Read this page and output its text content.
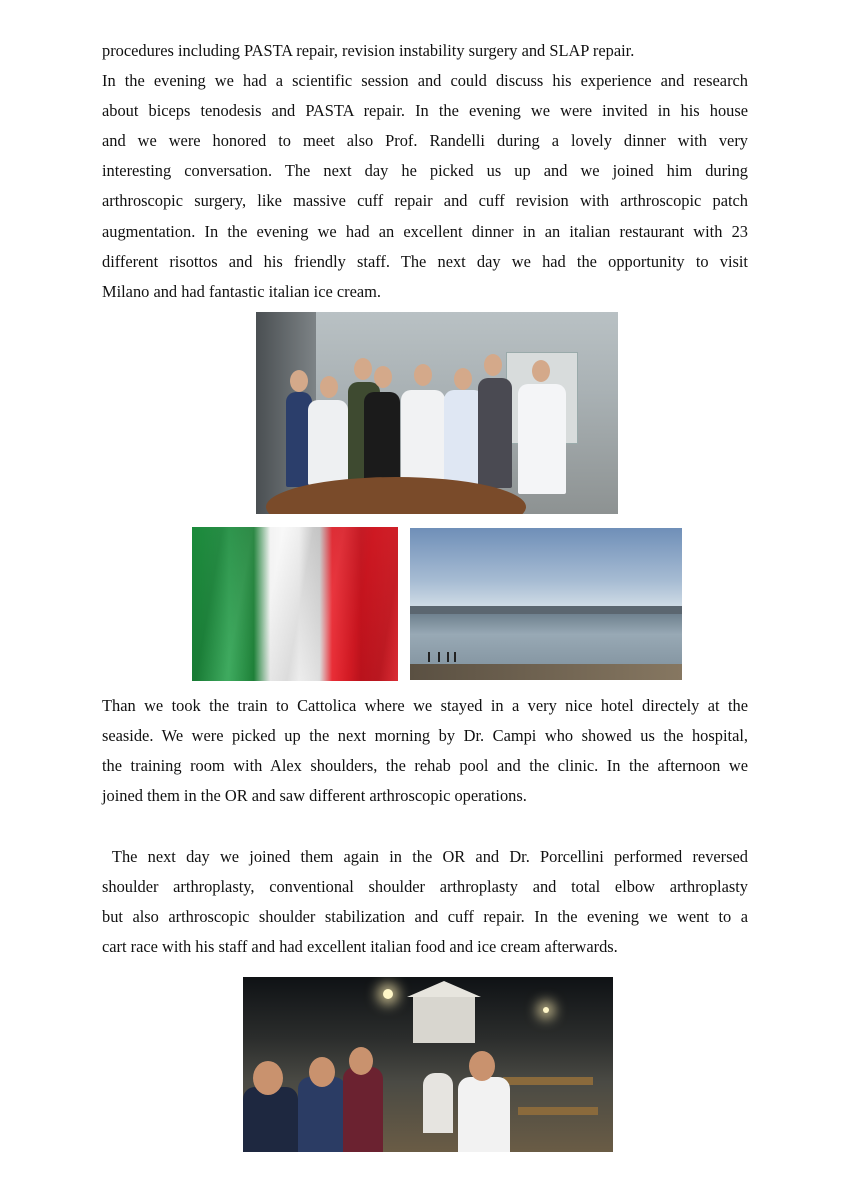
procedures including PASTA repair, revision instability surgery and SLAP repair.
In the evening we had a scientific session and could discuss his experience and research
about biceps tenodesis and PASTA repair. In the evening we were invited in his house
and we were honored to meet also Prof. Randelli during a lovely dinner with very
interesting conversation. The next day he picked us up and we joined him during
arthroscopic surgery, like massive cuff repair and cuff revision with arthroscopic patch
augmentation. In the evening we had an excellent dinner in an italian restaurant with 23
different risottos and his friendly staff. The next day we had the opportunity to visit
Milano and had fantastic italian ice cream.
Than we took the train to Cattolica where we stayed in a very nice hotel directely at the
seaside. We were picked up the next morning by Dr. Campi who showed us the hospital,
the training room with Alex shoulders, the rehab pool and the clinic. In the afternoon we
joined them in the OR and saw different arthroscopic operations.
The next day we joined them again in the OR and Dr. Porcellini performed reversed
shoulder arthroplasty, conventional shoulder arthroplasty and total elbow arthroplasty
but also arthroscopic shoulder stabilization and cuff repair. In the evening we went to a
cart race with his staff and had excellent italian food and ice cream afterwards.
